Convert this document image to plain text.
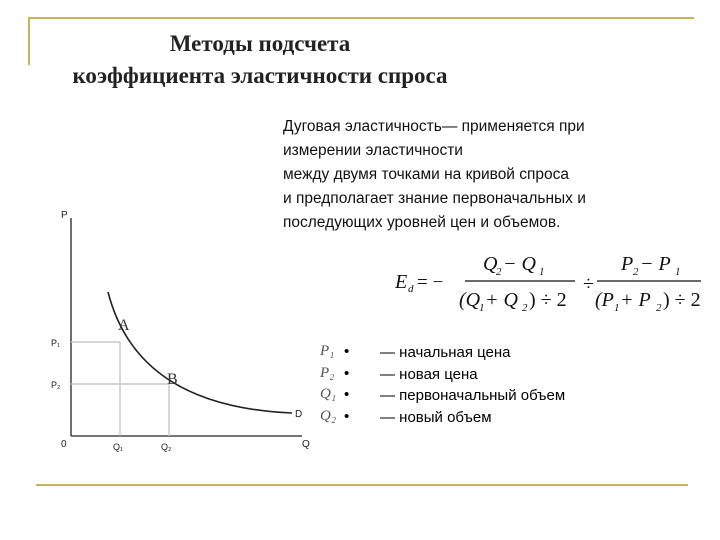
Методы подсчета
коэффициента эластичности спроса
Дуговая эластичность— применяется при
измерении эластичности
между двумя точками на кривой спроса
и предполагает знание первоначальных и
последующих уровней цен и объемов.
E d = −
Q
2 − Q 1
(Q
1 + Q 2 ) ÷ 2
÷
P 2 − P 1
(P 1 + P 2 ) ÷ 2
P
Q
0
P₁
P₂
Q₁	Q₂
D
A
B
P₁ • — начальная цена
P₂ • — новая цена
Q₁ • — первоначальный объем
Q₂ • — новый объем
